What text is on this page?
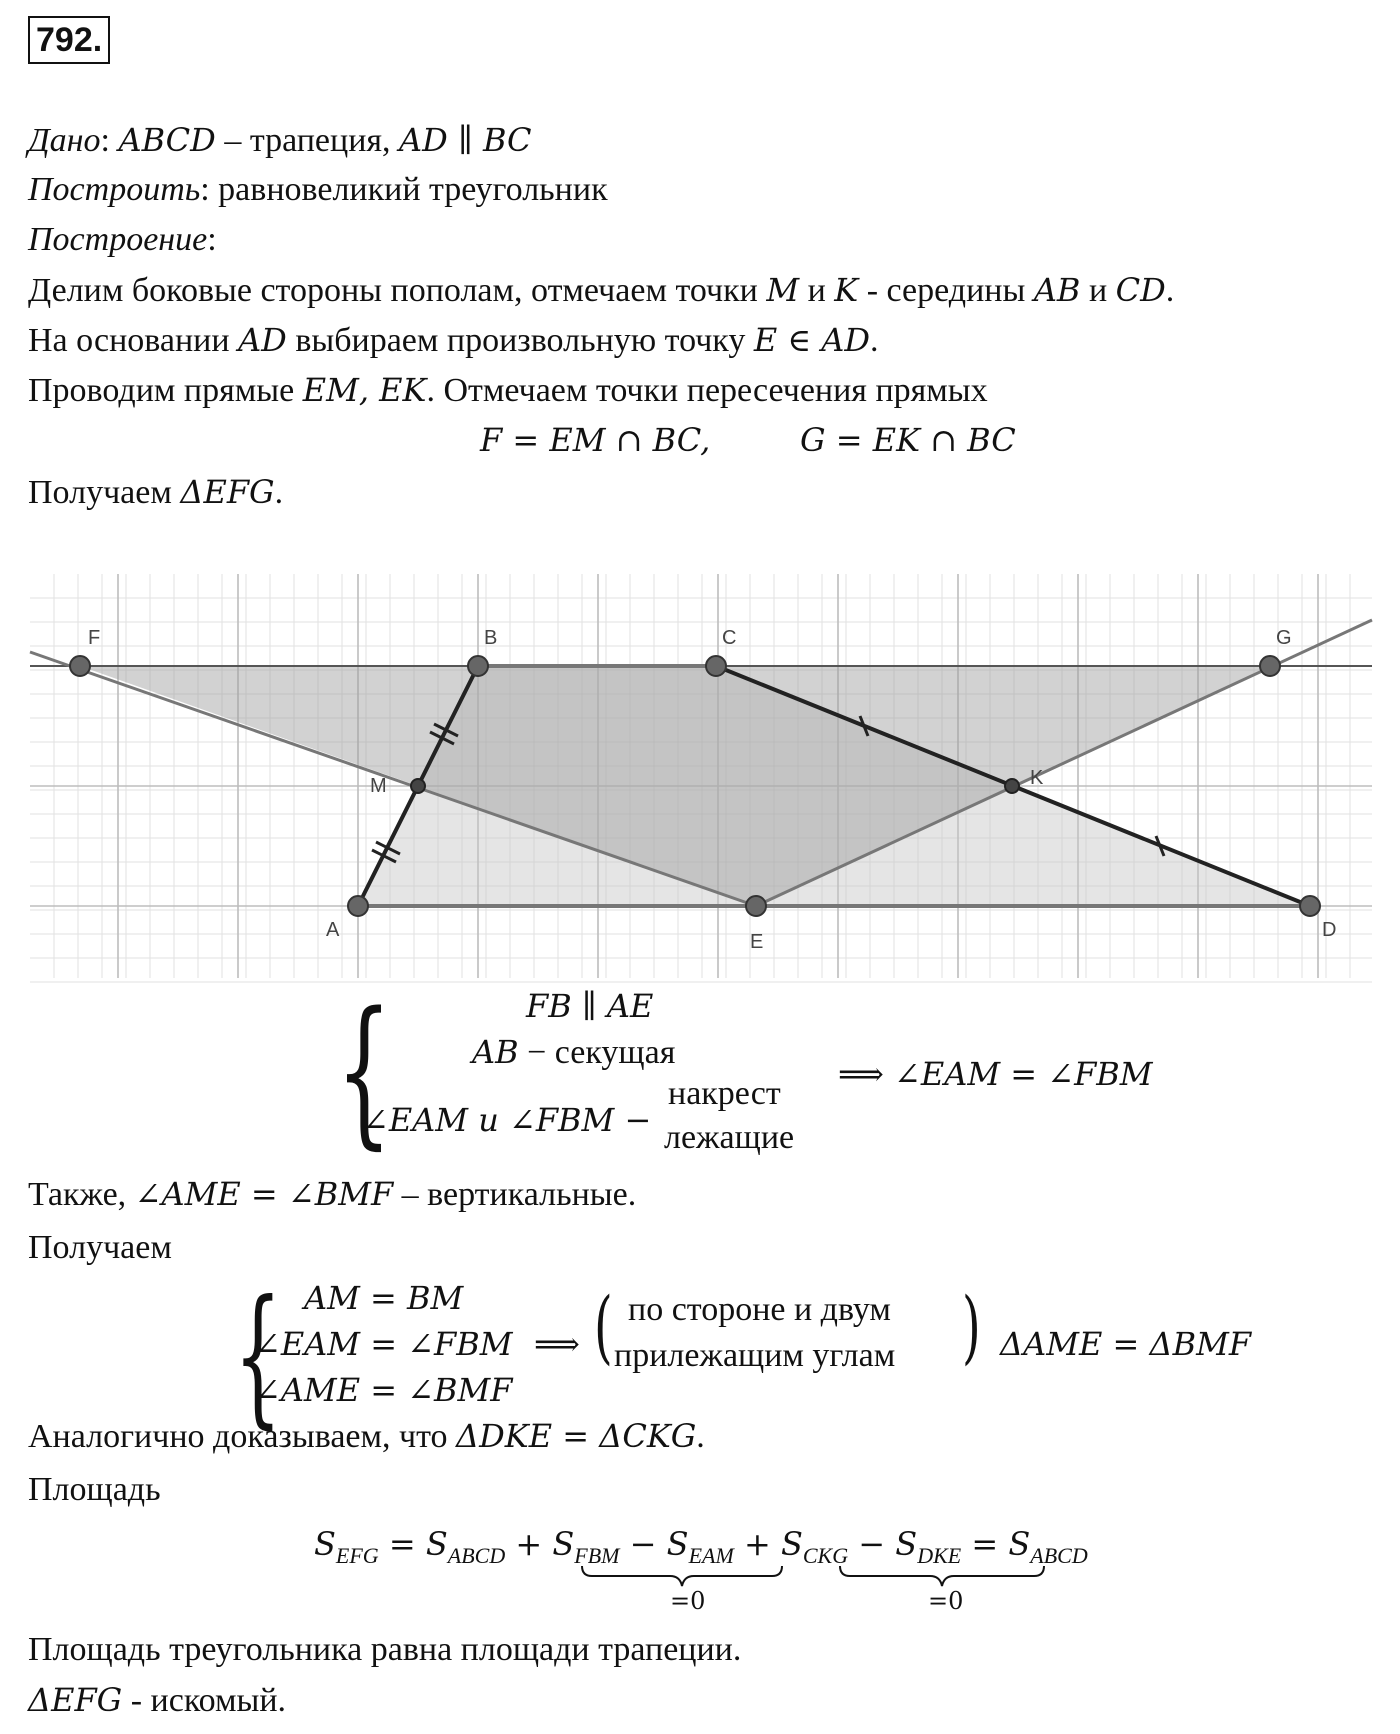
792.
Дано: ABCD – трапеция, AD ∥ BC
Построить: равновеликий треугольник
Построение:
Делим боковые стороны пополам, отмечаем точки M и K - середины AB и CD.
На основании AD выбираем произвольную точку E ∈ AD.
Проводим прямые EM, EK. Отмечаем точки пересечения прямых
F = EM ∩ BC,	G = EK ∩ BC
Получаем ΔEFG.
F	B	C	G
M	K
A
E
D
{	FB ∥ AE
AB − секущая
∠EAM и ∠FBM −
накрест
лежащие
⟹ ∠EAM = ∠FBM
Также, ∠AME = ∠BMF – вертикальные.
Получаем
{ AM = BM
∠EAM = ∠FBM
∠AME = ∠BMF
⟹ ( по стороне и двум
прилежащим углам ) ΔAME = ΔBMF
Аналогично доказываем, что ΔDKE = ΔCKG.
Площадь
$S_{EFG} = S_{ABCD} + S_{FBM} - S_{EAM} + S_{CKG} - S_{DKE} = S_{ABCD}$
=0	=0
Площадь треугольника равна площади трапеции.
ΔEFG - искомый.
